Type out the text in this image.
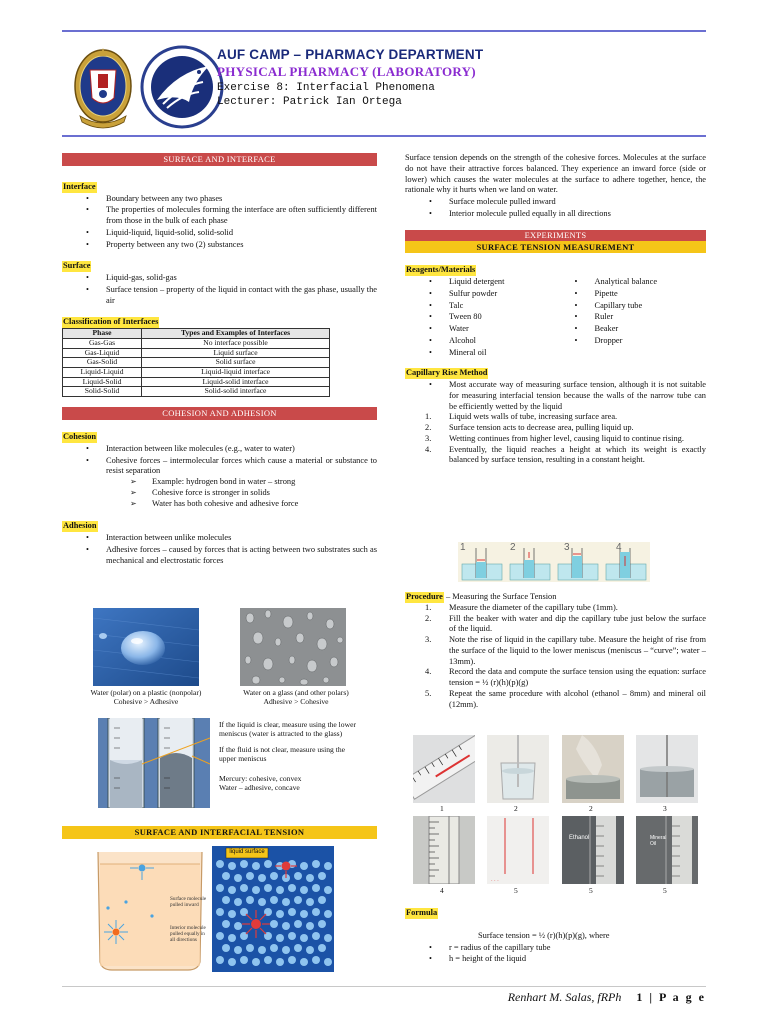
AUF CAMP – PHARMACY DEPARTMENT
PHYSICAL PHARMACY (LABORATORY)
Exercise 8: Interfacial Phenomena
Lecturer: Patrick Ian Ortega
SURFACE AND INTERFACE
Interface
• Boundary between any two phases
• The properties of molecules forming the interface are often sufficiently different from those in the bulk of each phase
• Liquid-liquid, liquid-solid, solid-solid
• Property between any two (2) substances
Surface
• Liquid-gas, solid-gas
• Surface tension – property of the liquid in contact with the gas phase, usually the air
Classification of Interfaces
Phase	Types and Examples of Interfaces
Gas-Gas	No interface possible
Gas-Liquid	Liquid surface
Gas-Solid	Solid surface
Liquid-Liquid	Liquid-liquid interface
Liquid-Solid	Liquid-solid interface
Solid-Solid	Solid-solid interface
COHESION AND ADHESION
Cohesion
• Interaction between like molecules (e.g., water to water)
• Cohesive forces – intermolecular forces which cause a material or substance to resist separation
➢ Example: hydrogen bond in water – strong
➢ Cohesive force is stronger in solids
➢ Water has both cohesive and adhesive force
Adhesion
• Interaction between unlike molecules
• Adhesive forces – caused by forces that is acting between two substrates such as mechanical and electrostatic forces
Water (polar) on a plastic (nonpolar)
Cohesive > Adhesive
Water on a glass (and other polars)
Adhesive > Cohesive
If the liquid is clear, measure using the lower meniscus (water is attracted to the glass)
If the fluid is not clear, measure using the upper meniscus
Mercury: cohesive, convex
Water – adhesive, concave
SURFACE AND INTERFACIAL TENSION
Surface molecule pulled inward
Interior molecule pulled equally in all directions
liquid surface
Surface tension depends on the strength of the cohesive forces. Molecules at the surface do not have their attractive forces balanced. They experience an inward force (side or lower) which causes the water molecules at the surface to adhere together, hence, the rationale why it hurts when we land on water.
• Surface molecule pulled inward
• Interior molecule pulled equally in all directions
EXPERIMENTS
SURFACE TENSION MEASUREMENT
Reagents/Materials
• Liquid detergent
• Sulfur powder
• Talc
• Tween 80
• Water
• Alcohol
• Mineral oil
• Analytical balance
• Pipette
• Capillary tube
• Ruler
• Beaker
• Dropper
Capillary Rise Method
• Most accurate way of measuring surface tension, although it is not suitable for measuring interfacial tension because the walls of the narrow tube can be efficiently wetted by the liquid
1. Liquid wets walls of tube, increasing surface area.
2. Surface tension acts to decrease area, pulling liquid up.
3. Wetting continues from higher level, causing liquid to continue rising.
4. Eventually, the liquid reaches a height at which its weight is exactly balanced by surface tension, resulting in a constant height.
1	2	3	4
Procedure – Measuring the Surface Tension
1. Measure the diameter of the capillary tube (1mm).
2. Fill the beaker with water and dip the capillary tube just below the surface of the liquid.
3. Note the rise of liquid in the capillary tube. Measure the height of rise from the surface of the liquid to the lower meniscus (meniscus – “curve”; water – 13mm).
4. Record the data and compute the surface tension using the equation: surface tension = ½ (r)(h)(p)(g)
5. Repeat the same procedure with alcohol (ethanol – 8mm) and mineral oil (12mm).
1	2	2	3
· · ·
Ethanol	Mineral Oil
4	5	5	5
Formula
Surface tension = ½ (r)(h)(p)(g), where
• r = radius of the capillary tube
• h = height of the liquid
Renhart M. Salas, fRPh 1 | P a g e
